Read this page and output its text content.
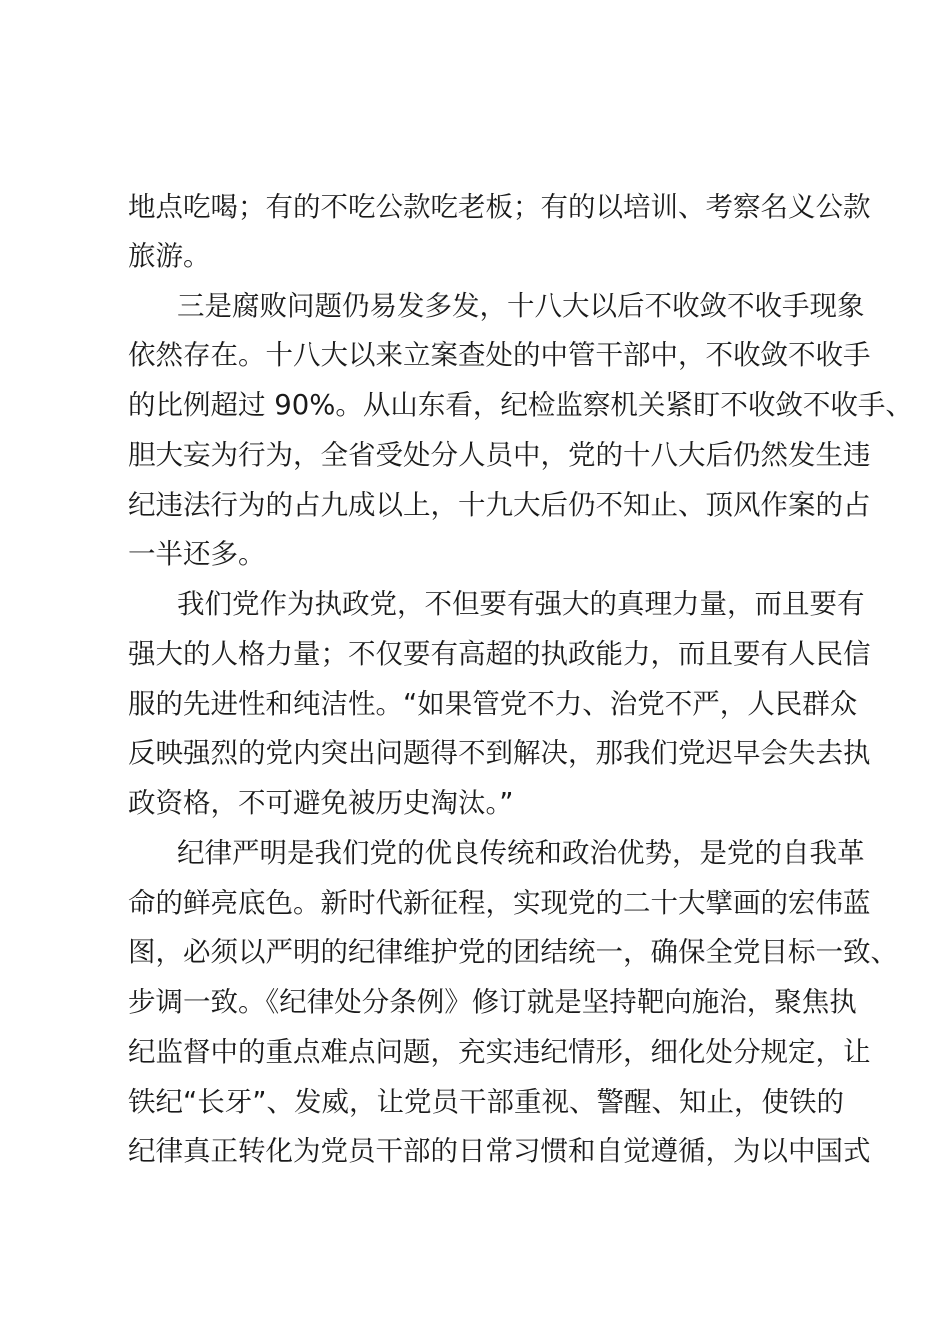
地点吃喝；有的不吃公款吃老板；有的以培训、考察名义公款
旅游。
三是腐败问题仍易发多发，十八大以后不收敛不收手现象
依然存在。十八大以来立案查处的中管干部中，不收敛不收手
的比例超过 90%。从山东看，纪检监察机关紧盯不收敛不收手、
胆大妄为行为，全省受处分人员中，党的十八大后仍然发生违
纪违法行为的占九成以上，十九大后仍不知止、顶风作案的占
一半还多。
我们党作为执政党，不但要有强大的真理力量，而且要有
强大的人格力量；不仅要有高超的执政能力，而且要有人民信
服的先进性和纯洁性。“如果管党不力、治党不严，人民群众
反映强烈的党内突出问题得不到解决，那我们党迟早会失去执
政资格，不可避免被历史淘汰。”
纪律严明是我们党的优良传统和政治优势，是党的自我革
命的鲜亮底色。新时代新征程，实现党的二十大擘画的宏伟蓝
图，必须以严明的纪律维护党的团结统一，确保全党目标一致、
步调一致。《纪律处分条例》修订就是坚持靶向施治，聚焦执
纪监督中的重点难点问题，充实违纪情形，细化处分规定，让
铁纪“长牙”、发威，让党员干部重视、警醒、知止，使铁的
纪律真正转化为党员干部的日常习惯和自觉遵循，为以中国式
